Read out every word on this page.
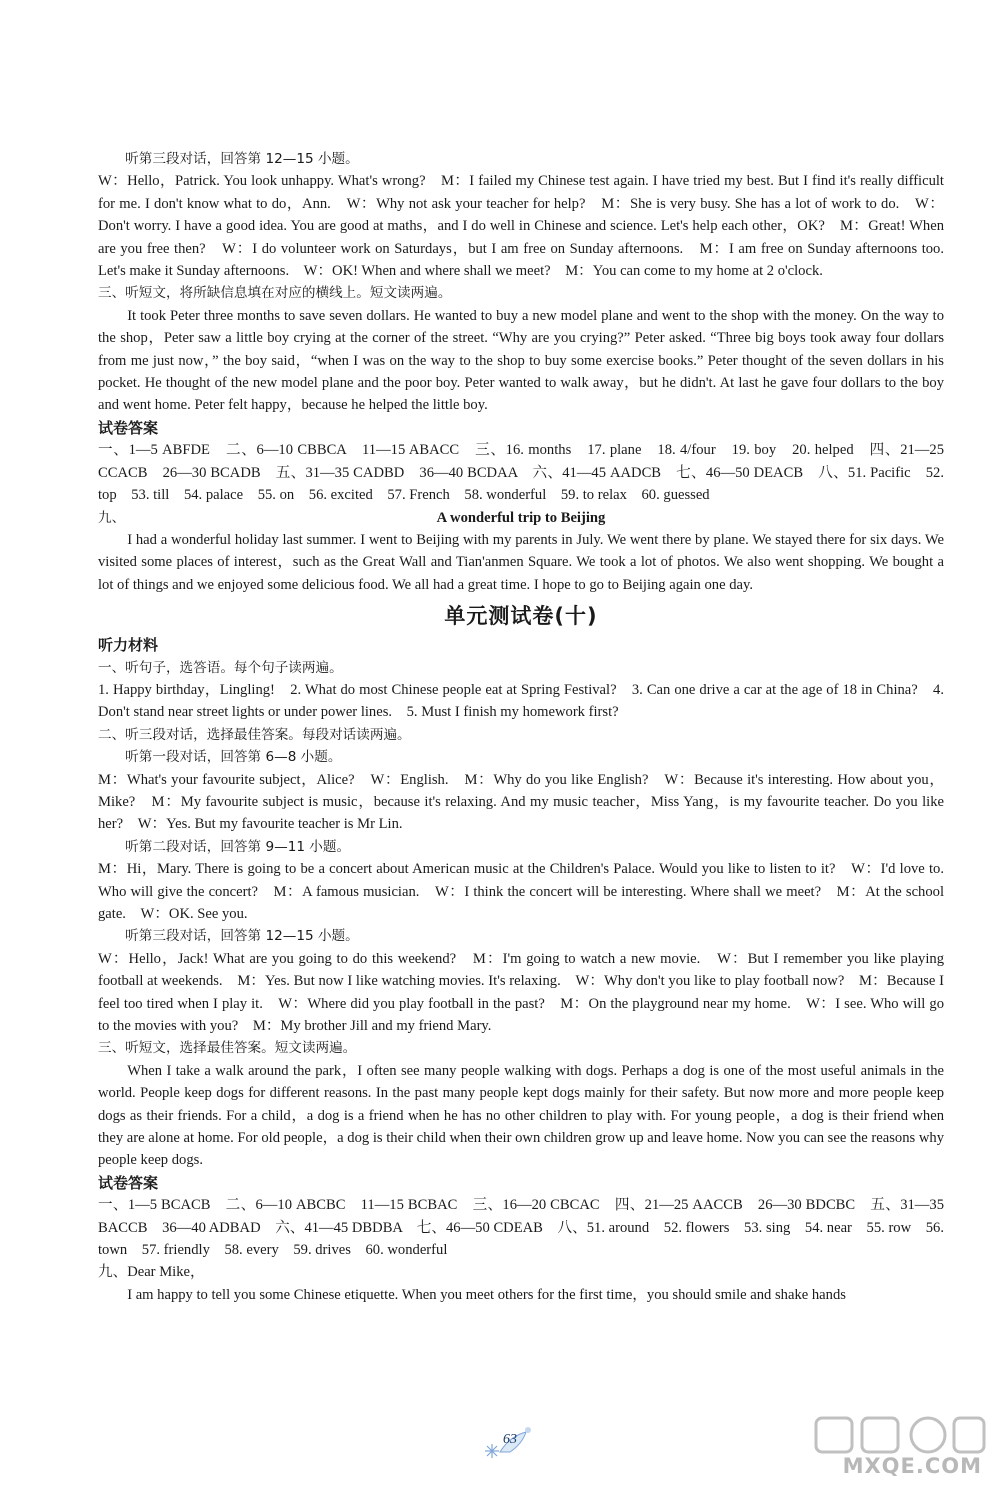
　　听第三段对话，回答第 12—15 小题。

W：Hello，Patrick. You look unhappy. What's wrong?　M：I failed my Chinese test again. I have tried my best. But I find it's really difficult for me. I don't know what to do，Ann.　W：Why not ask your teacher for help?　M：She is very busy. She has a lot of work to do.　W：Don't worry. I have a good idea. You are good at maths，and I do well in Chinese and science. Let's help each other，OK?　M：Great! When are you free then?　W：I do volunteer work on Saturdays，but I am free on Sunday afternoons.　M：I am free on Sunday afternoons too. Let's make it Sunday afternoons.　W：OK! When and where shall we meet?　M：You can come to my home at 2 o'clock.

三、听短文，将所缺信息填在对应的横线上。短文读两遍。

It took Peter three months to save seven dollars. He wanted to buy a new model plane and went to the shop with the money. On the way to the shop，Peter saw a little boy crying at the corner of the street. “Why are you crying?” Peter asked. “Three big boys took away four dollars from me just now，” the boy said，“when I was on the way to the shop to buy some exercise books.” Peter thought of the seven dollars in his pocket. He thought of the new model plane and the poor boy. Peter wanted to walk away，but he didn't. At last he gave four dollars to the boy and went home. Peter felt happy，because he helped the little boy.

试卷答案

一、1—5 ABFDE　二、6—10 CBBCA　11—15 ABACC　三、16. months　17. plane　18. 4/four　19. boy　20. helped　四、21—25 CCACB　26—30 BCADB　五、31—35 CADBD　36—40 BCDAA　六、41—45 AADCB　七、46—50 DEACB　八、51. Pacific　52. top　53. till　54. palace　55. on　56. excited　57. French　58. wonderful　59. to relax　60. guessed

九、	A wonderful trip to Beijing

I had a wonderful holiday last summer. I went to Beijing with my parents in July. We went there by plane. We stayed there for six days. We visited some places of interest，such as the Great Wall and Tian'anmen Square. We took a lot of photos. We also went shopping. We bought a lot of things and we enjoyed some delicious food. We all had a great time. I hope to go to Beijing again one day.

单元测试卷(十)

听力材料

一、听句子，选答语。每个句子读两遍。

1. Happy birthday，Lingling!　2. What do most Chinese people eat at Spring Festival?　3. Can one drive a car at the age of 18 in China?　4. Don't stand near street lights or under power lines.　5. Must I finish my homework first?

二、听三段对话，选择最佳答案。每段对话读两遍。

　　听第一段对话，回答第 6—8 小题。

M：What's your favourite subject，Alice?　W：English.　M：Why do you like English?　W：Because it's interesting. How about you，Mike?　M：My favourite subject is music，because it's relaxing. And my music teacher，Miss Yang，is my favourite teacher. Do you like her?　W：Yes. But my favourite teacher is Mr Lin.

　　听第二段对话，回答第 9—11 小题。

M：Hi，Mary. There is going to be a concert about American music at the Children's Palace. Would you like to listen to it?　W：I'd love to. Who will give the concert?　M：A famous musician.　W：I think the concert will be interesting. Where shall we meet?　M：At the school gate.　W：OK. See you.

　　听第三段对话，回答第 12—15 小题。

W：Hello，Jack! What are you going to do this weekend?　M：I'm going to watch a new movie.　W：But I remember you like playing football at weekends.　M：Yes. But now I like watching movies. It's relaxing.　W：Why don't you like to play football now?　M：Because I feel too tired when I play it.　W：Where did you play football in the past?　M：On the playground near my home.　W：I see. Who will go to the movies with you?　M：My brother Jill and my friend Mary.

三、听短文，选择最佳答案。短文读两遍。

When I take a walk around the park，I often see many people walking with dogs. Perhaps a dog is one of the most useful animals in the world. People keep dogs for different reasons. In the past many people kept dogs mainly for their safety. But now more and more people keep dogs as their friends. For a child，a dog is a friend when he has no other children to play with. For young people，a dog is their friend when they are alone at home. For old people，a dog is their child when their own children grow up and leave home. Now you can see the reasons why people keep dogs.

试卷答案

一、1—5 BCACB　二、6—10 ABCBC　11—15 BCBAC　三、16—20 CBCAC　四、21—25 AACCB　26—30 BDCBC　五、31—35 BACCB　36—40 ADBAD　六、41—45 DBDBA　七、46—50 CDEAB　八、51. around　52. flowers　53. sing　54. near　55. row　56. town　57. friendly　58. every　59. drives　60. wonderful

九、Dear Mike，

I am happy to tell you some Chinese etiquette. When you meet others for the first time，you should smile and shake hands

63
MXQE.COM
